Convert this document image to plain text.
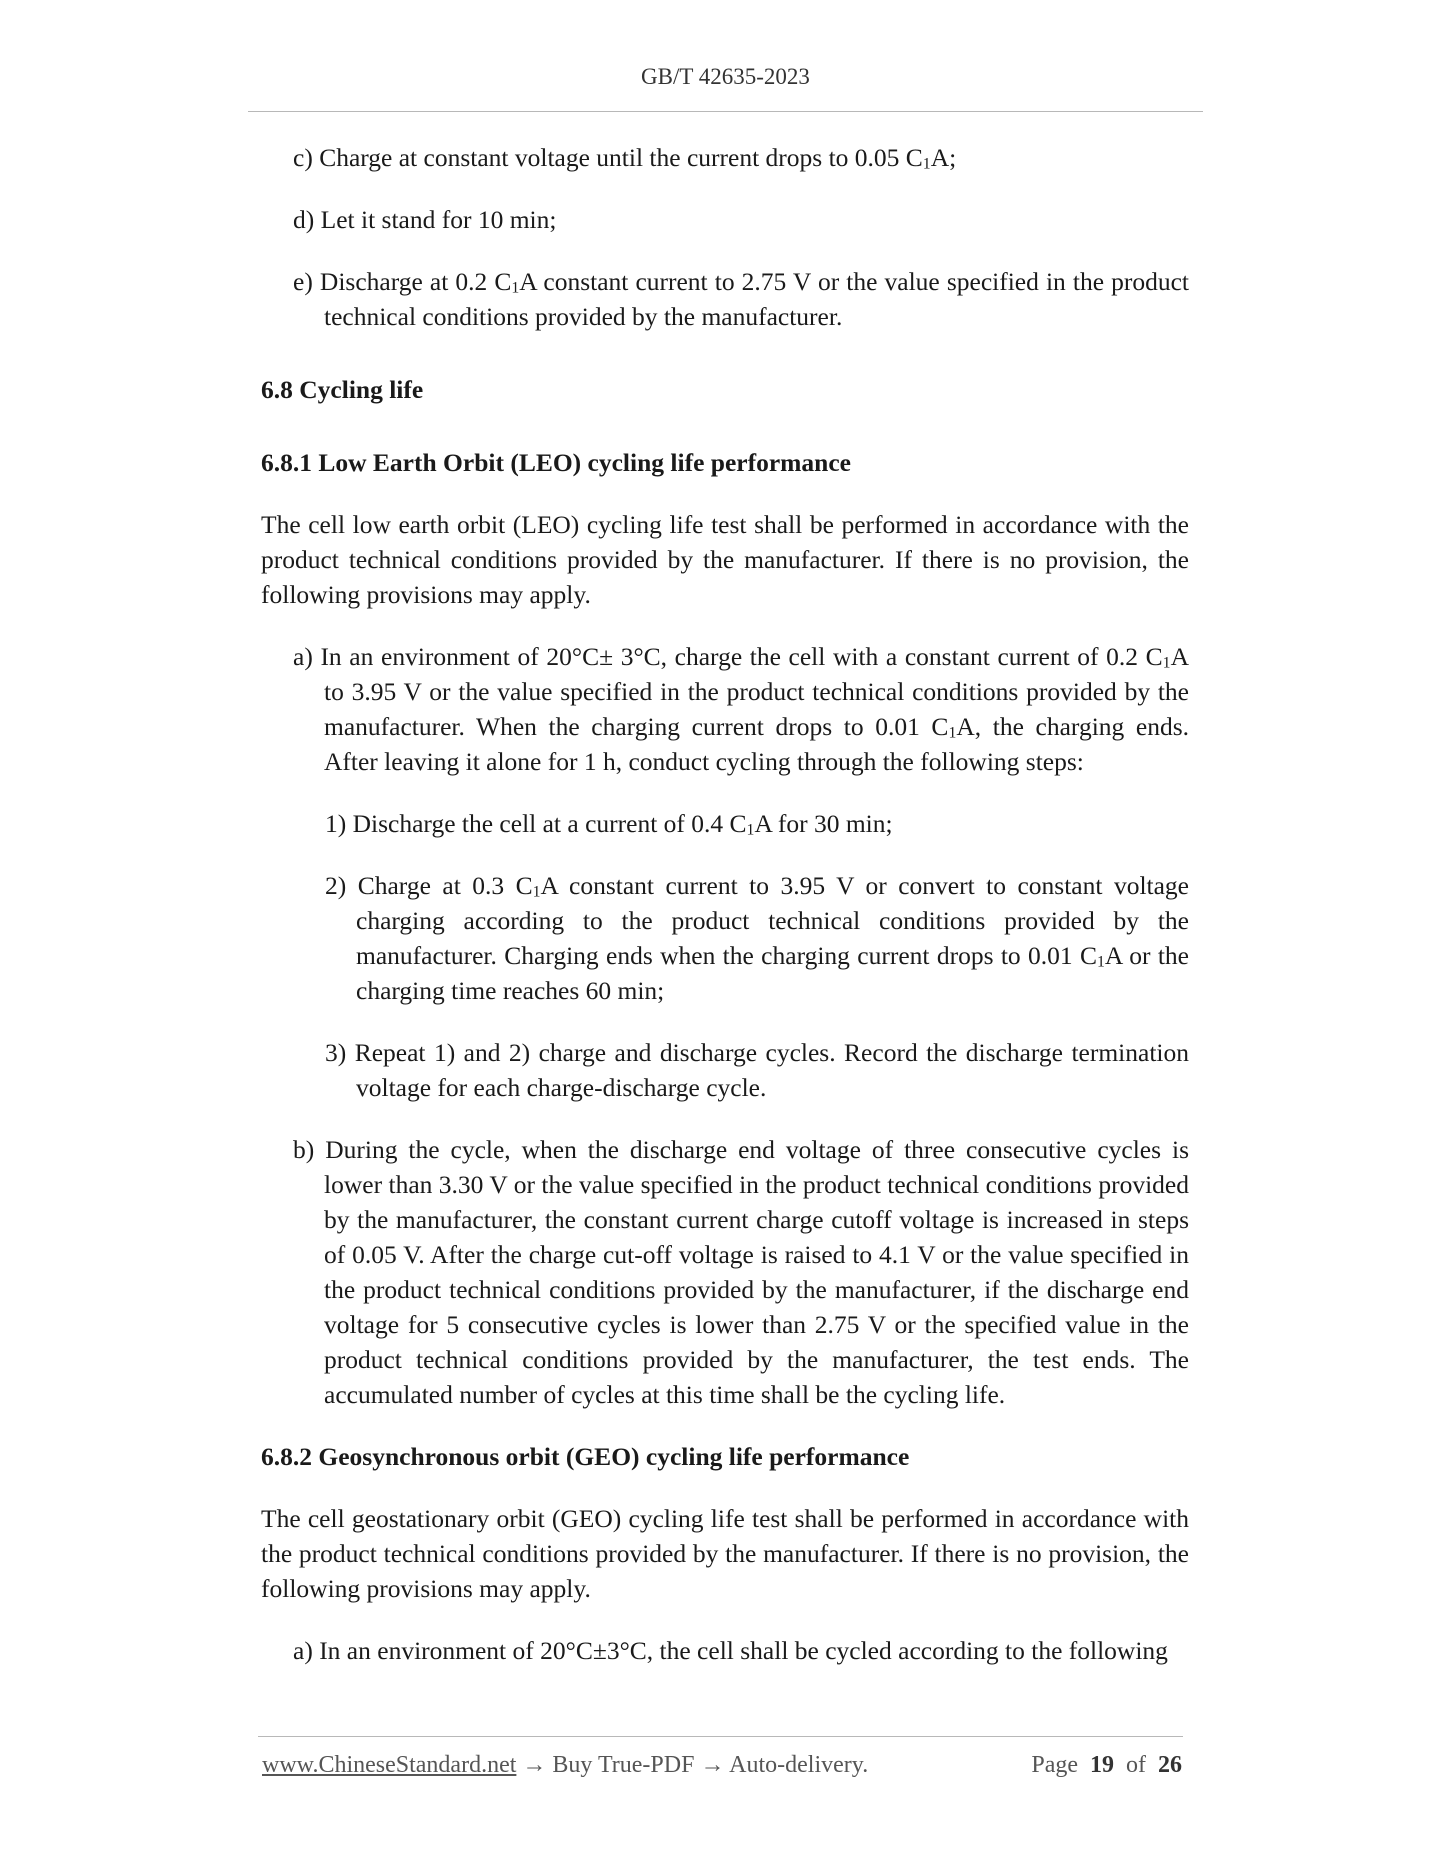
GB/T 42635-2023

c) Charge at constant voltage until the current drops to 0.05 $C_1A$;

d) Let it stand for 10 min;

e) Discharge at 0.2 $C_1A$ constant current to 2.75 V or the value specified in the product technical conditions provided by the manufacturer.

6.8 Cycling life

6.8.1 Low Earth Orbit (LEO) cycling life performance

The cell low earth orbit (LEO) cycling life test shall be performed in accordance with the product technical conditions provided by the manufacturer. If there is no provision, the following provisions may apply.

a) In an environment of 20°C± 3°C, charge the cell with a constant current of 0.2 $C_1A$ to 3.95 V or the value specified in the product technical conditions provided by the manufacturer. When the charging current drops to 0.01 $C_1A$, the charging ends. After leaving it alone for 1 h, conduct cycling through the following steps:

1) Discharge the cell at a current of 0.4 $C_1A$ for 30 min;

2) Charge at 0.3 $C_1A$ constant current to 3.95 V or convert to constant voltage charging according to the product technical conditions provided by the manufacturer. Charging ends when the charging current drops to 0.01 $C_1A$ or the charging time reaches 60 min;

3) Repeat 1) and 2) charge and discharge cycles. Record the discharge termination voltage for each charge-discharge cycle.

b) During the cycle, when the discharge end voltage of three consecutive cycles is lower than 3.30 V or the value specified in the product technical conditions provided by the manufacturer, the constant current charge cutoff voltage is increased in steps of 0.05 V. After the charge cut-off voltage is raised to 4.1 V or the value specified in the product technical conditions provided by the manufacturer, if the discharge end voltage for 5 consecutive cycles is lower than 2.75 V or the specified value in the product technical conditions provided by the manufacturer, the test ends. The accumulated number of cycles at this time shall be the cycling life.

6.8.2 Geosynchronous orbit (GEO) cycling life performance

The cell geostationary orbit (GEO) cycling life test shall be performed in accordance with the product technical conditions provided by the manufacturer. If there is no provision, the following provisions may apply.

a) In an environment of 20°C±3°C, the cell shall be cycled according to the following

www.ChineseStandard.net → Buy True-PDF → Auto-delivery.	Page 19 of 26
